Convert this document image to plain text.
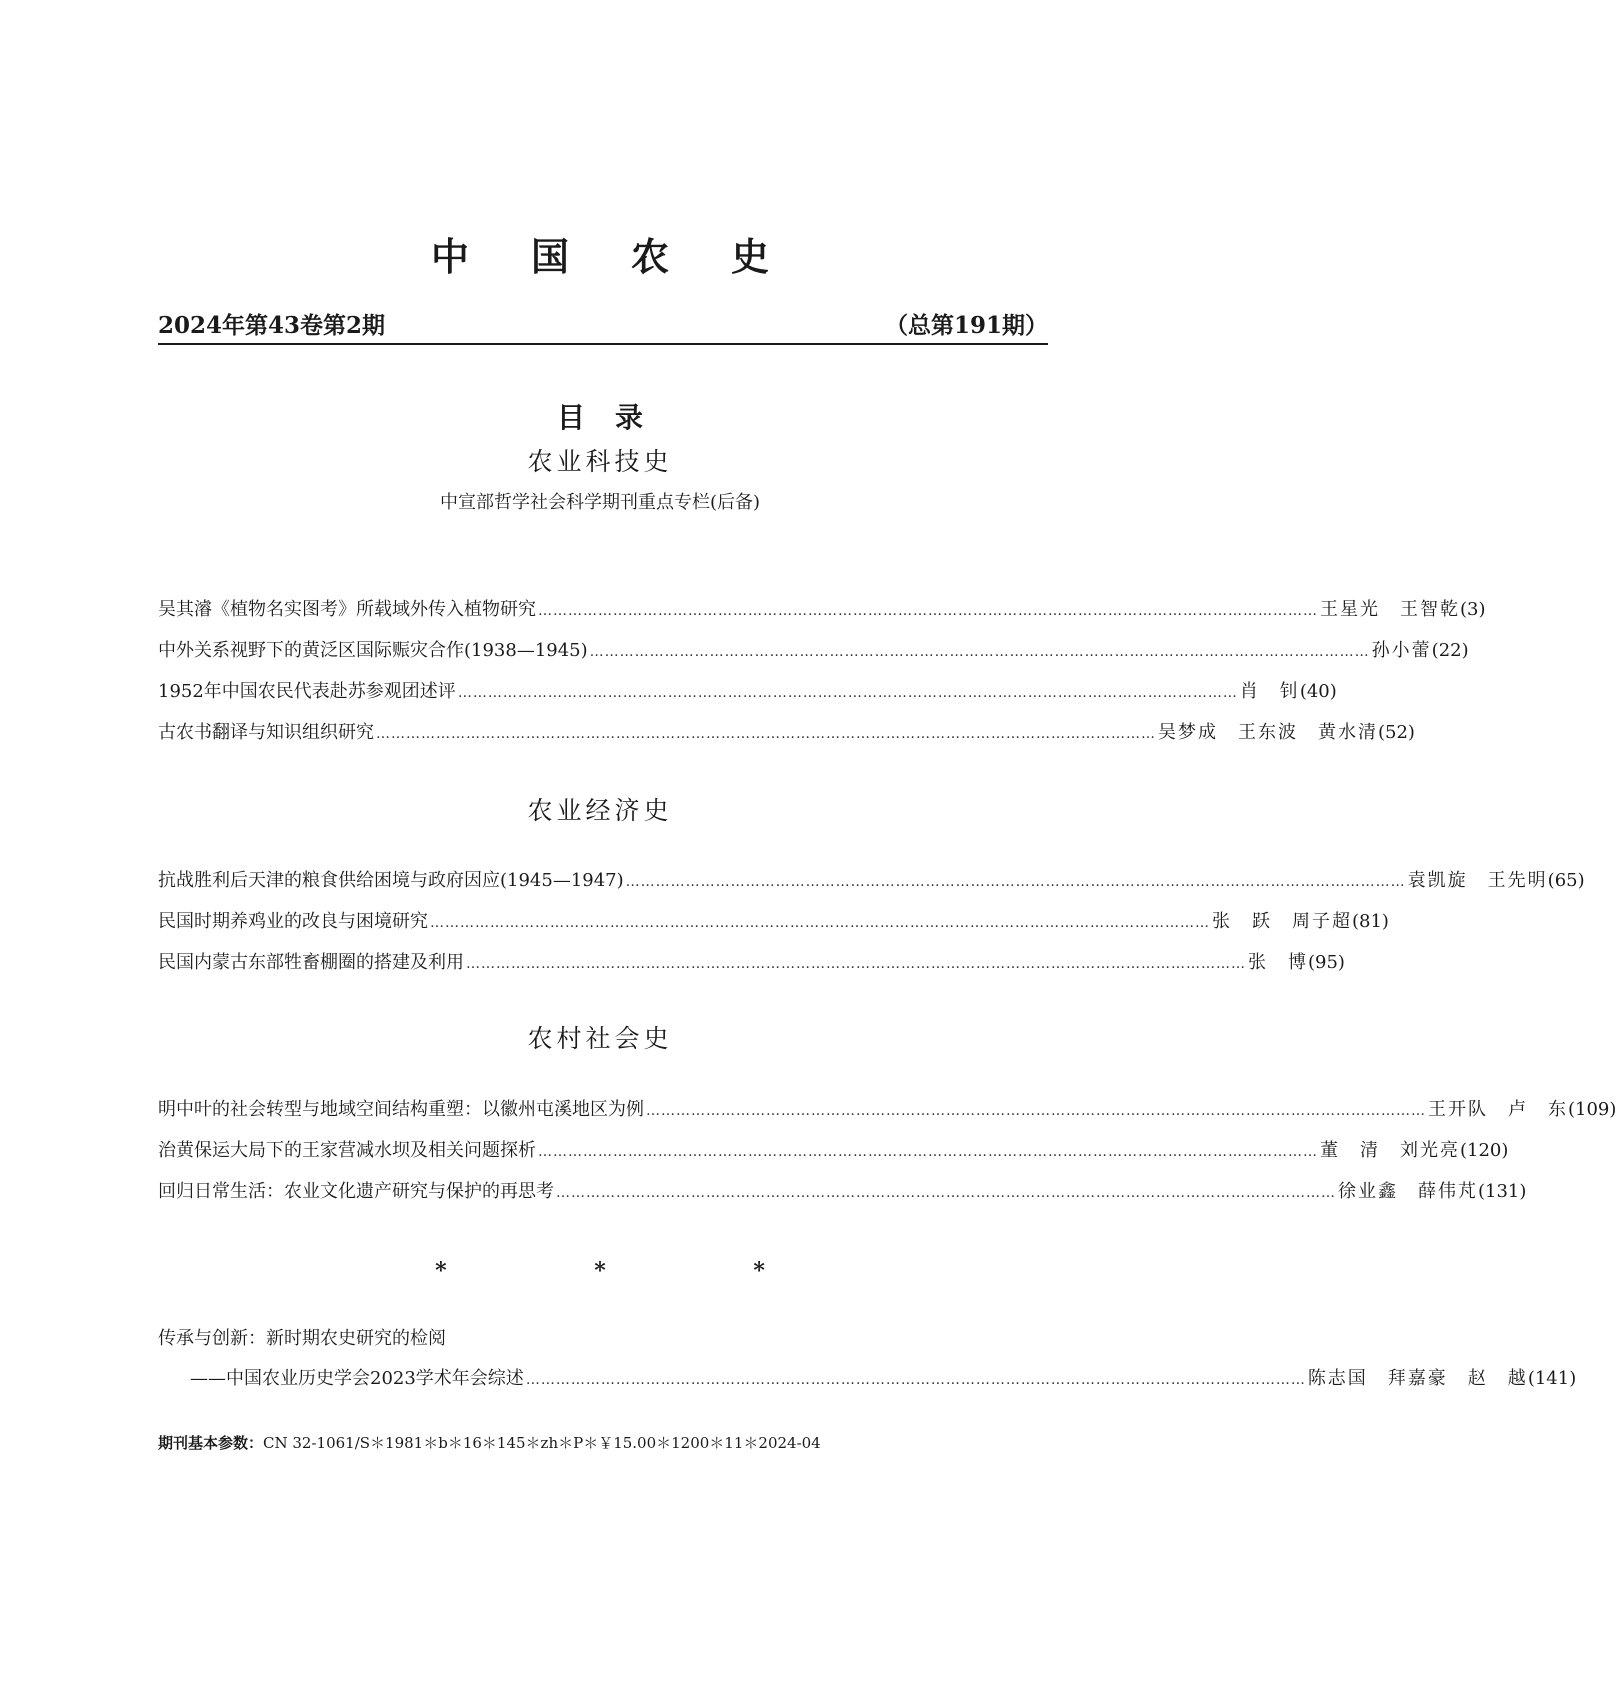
中国农史
2024年第43卷第2期	（总第191期）
目录
农业科技史
中宣部哲学社会科学期刊重点专栏(后备)
吴其濬《植物名实图考》所载域外传入植物研究 ………………………………………………………………………………………………………………………………………… 王星光　王智乾 (3)
中外关系视野下的黄泛区国际赈灾合作(1938—1945) ………………………………………………………………………………………………………………………………………… 孙小蕾 (22)
1952年中国农民代表赴苏参观团述评 ………………………………………………………………………………………………………………………………………… 肖　钊 (40)
古农书翻译与知识组织研究 ………………………………………………………………………………………………………………………………………… 吴梦成　王东波　黄水清 (52)
农业经济史
抗战胜利后天津的粮食供给困境与政府因应(1945—1947) ………………………………………………………………………………………………………………………………………… 袁凯旋　王先明 (65)
民国时期养鸡业的改良与困境研究 ………………………………………………………………………………………………………………………………………… 张　跃　周子超 (81)
民国内蒙古东部牲畜棚圈的搭建及利用 ………………………………………………………………………………………………………………………………………… 张　博 (95)
农村社会史
明中叶的社会转型与地域空间结构重塑：以徽州屯溪地区为例 ………………………………………………………………………………………………………………………………………… 王开队　卢　东 (109)
治黄保运大局下的王家营减水坝及相关问题探析 ………………………………………………………………………………………………………………………………………… 董　清　刘光亮 (120)
回归日常生活：农业文化遗产研究与保护的再思考 ………………………………………………………………………………………………………………………………………… 徐业鑫　薛伟芃 (131)
* * *
传承与创新：新时期农史研究的检阅
——中国农业历史学会2023学术年会综述 ………………………………………………………………………………………………………………………………………… 陈志国　拜嘉豪　赵　越 (141)
期刊基本参数：CN 32-1061/S＊1981＊b＊16＊145＊zh＊P＊￥15.00＊1200＊11＊2024-04
